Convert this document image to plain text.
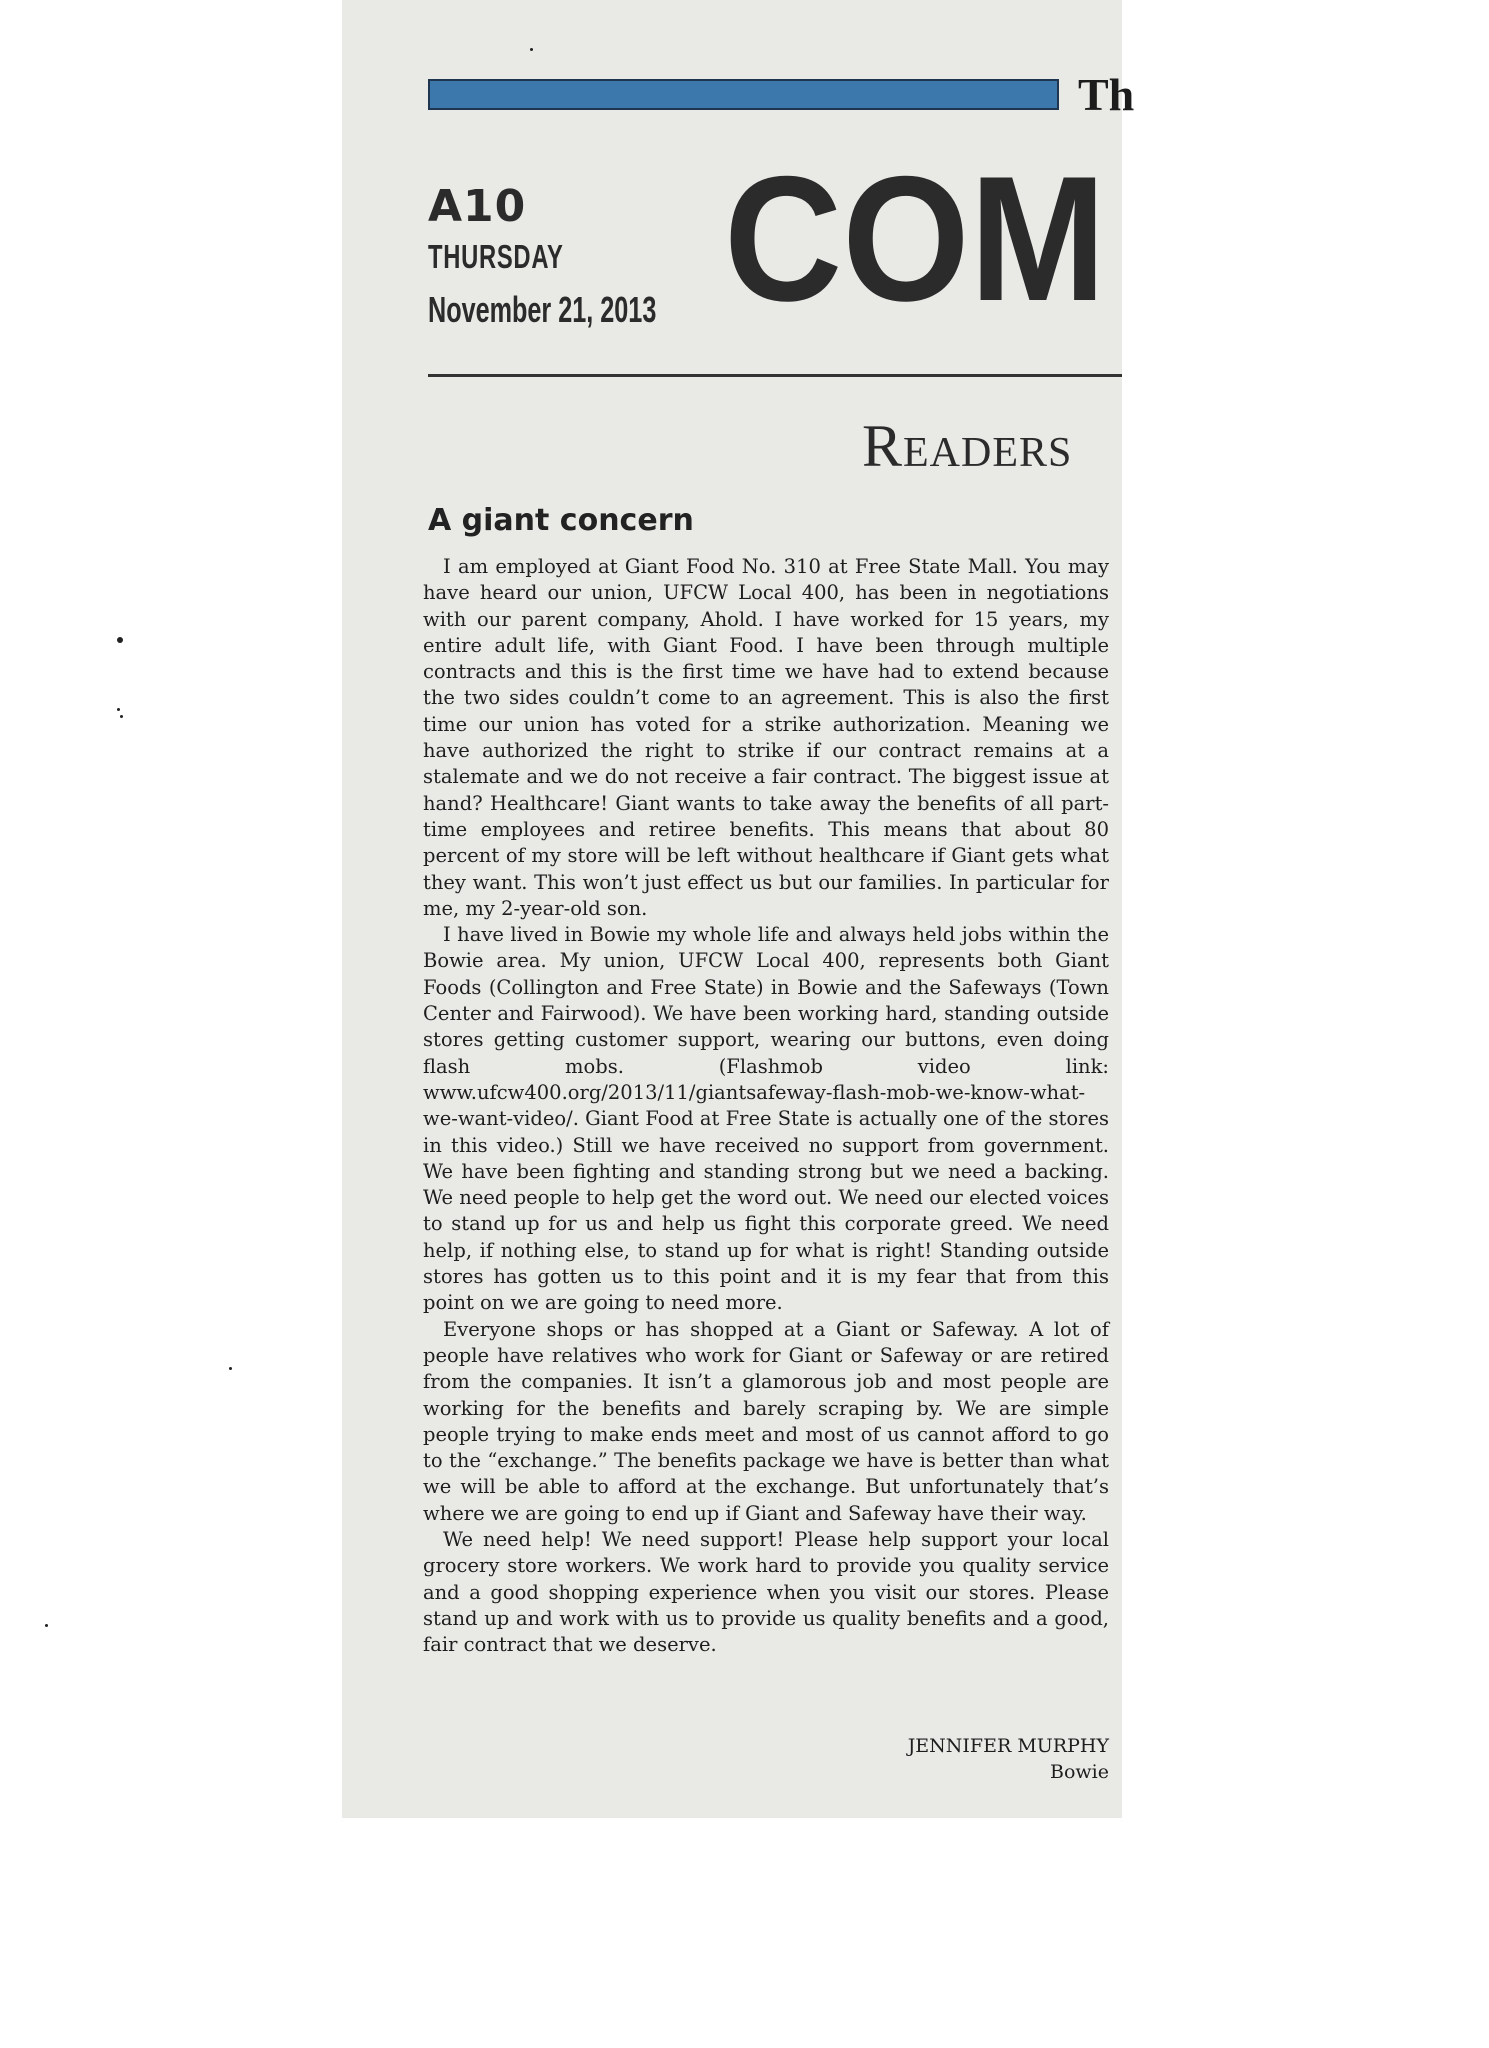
Th
A10
THURSDAY
November 21, 2013 COM
Readers
A giant concern

I am employed at Giant Food No. 310 at Free State Mall. You may have heard our union, UFCW Local 400, has been in negotiations with our parent company, Ahold. I have worked for 15 years, my entire adult life, with Giant Food. I have been through multiple contracts and this is the first time we have had to extend because the two sides couldn’t come to an agreement. This is also the first time our union has voted for a strike authorization. Meaning we have authorized the right to strike if our contract remains at a stalemate and we do not receive a fair contract. The biggest issue at hand? Healthcare! Giant wants to take away the benefits of all part-time employees and retiree benefits. This means that about 80 percent of my store will be left without healthcare if Giant gets what they want. This won’t just effect us but our families. In particular for me, my 2-year-old son.

I have lived in Bowie my whole life and always held jobs within the Bowie area. My union, UFCW Local 400, represents both Giant Foods (Collington and Free State) in Bowie and the Safeways (Town Center and Fairwood). We have been working hard, standing outside stores getting customer support, wearing our buttons, even doing flash mobs. (Flashmob video link: www.ufcw400.org/2013/11/giantsafeway-flash-mob-we-know-what-we-want-video/. Giant Food at Free State is actually one of the stores in this video.) Still we have received no support from government. We have been fighting and standing strong but we need a backing. We need people to help get the word out. We need our elected voices to stand up for us and help us fight this corporate greed. We need help, if nothing else, to stand up for what is right! Standing outside stores has gotten us to this point and it is my fear that from this point on we are going to need more.

Everyone shops or has shopped at a Giant or Safeway. A lot of people have relatives who work for Giant or Safeway or are retired from the companies. It isn’t a glamorous job and most people are working for the benefits and barely scraping by. We are simple people trying to make ends meet and most of us cannot afford to go to the “exchange.” The benefits package we have is better than what we will be able to afford at the exchange. But unfortunately that’s where we are going to end up if Giant and Safeway have their way.

We need help! We need support! Please help support your local grocery store workers. We work hard to provide you quality service and a good shopping experience when you visit our stores. Please stand up and work with us to provide us quality benefits and a good, fair contract that we deserve.

JENNIFER MURPHY
Bowie
